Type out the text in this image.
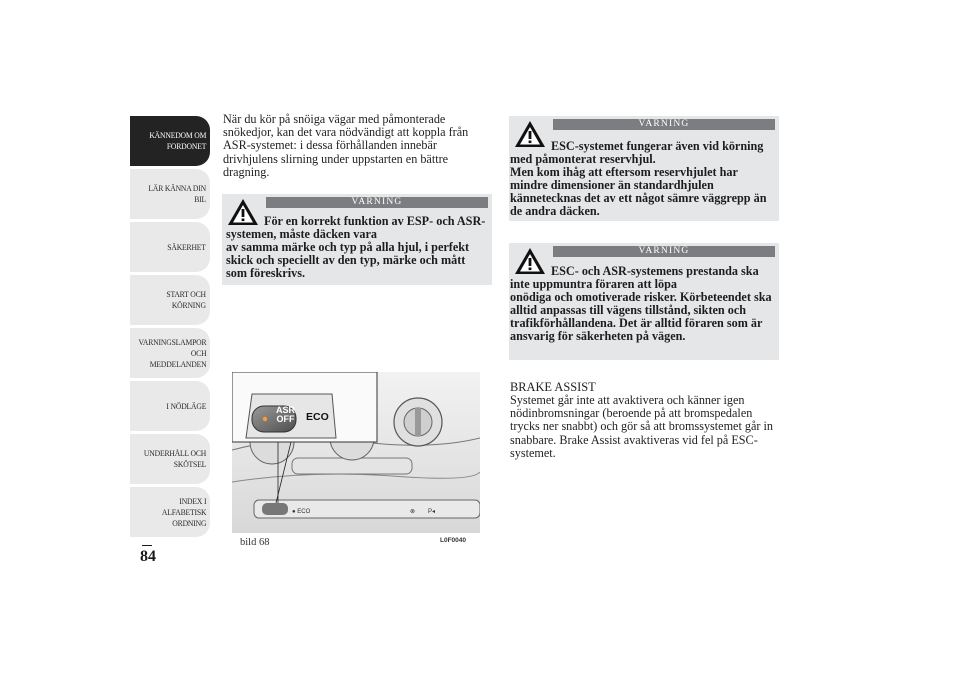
KÄNNEDOM OM
FORDONET
LÄR KÄNNA DIN
BIL
SÄKERHET
START OCH
KÖRNING
VARNINGSLAMPOR
OCH
MEDDELANDEN
I NÖDLÄGE
UNDERHÅLL OCH
SKÖTSEL
INDEX I
ALFABETISK
ORDNING
84

När du kör på snöiga vägar med påmonterade snökedjor, kan det vara nödvändigt att koppla från ASR-systemet: i dessa förhållanden innebär drivhjulens slirning under uppstarten en bättre dragning.

VARNING

För en korrekt funktion av ESP- och ASR-systemen, måste däcken vara
av samma märke och typ på alla hjul, i perfekt skick och speciellt av den typ, märke och mått som föreskrivs.

● ECO	⊗ P◂
ASR
OFF ECO
bild 68	L0F0040
VARNING

ESC-systemet fungerar även vid körning med påmonterat reservhjul.
Men kom ihåg att eftersom reservhjulet har mindre dimensioner än standardhjulen kännetecknas det av ett något sämre väggrepp än de andra däcken.

VARNING

ESC- och ASR-systemens prestanda ska inte uppmuntra föraren att löpa
onödiga och omotiverade risker. Körbeteendet ska alltid anpassas till vägens tillstånd, sikten och trafikförhållandena. Det är alltid föraren som är ansvarig för säkerheten på vägen.

BRAKE ASSIST

Systemet går inte att avaktivera och känner igen nödinbromsningar (beroende på att bromspedalen trycks ner snabbt) och gör så att bromssystemet går in snabbare. Brake Assist avaktiveras vid fel på ESC-systemet.
